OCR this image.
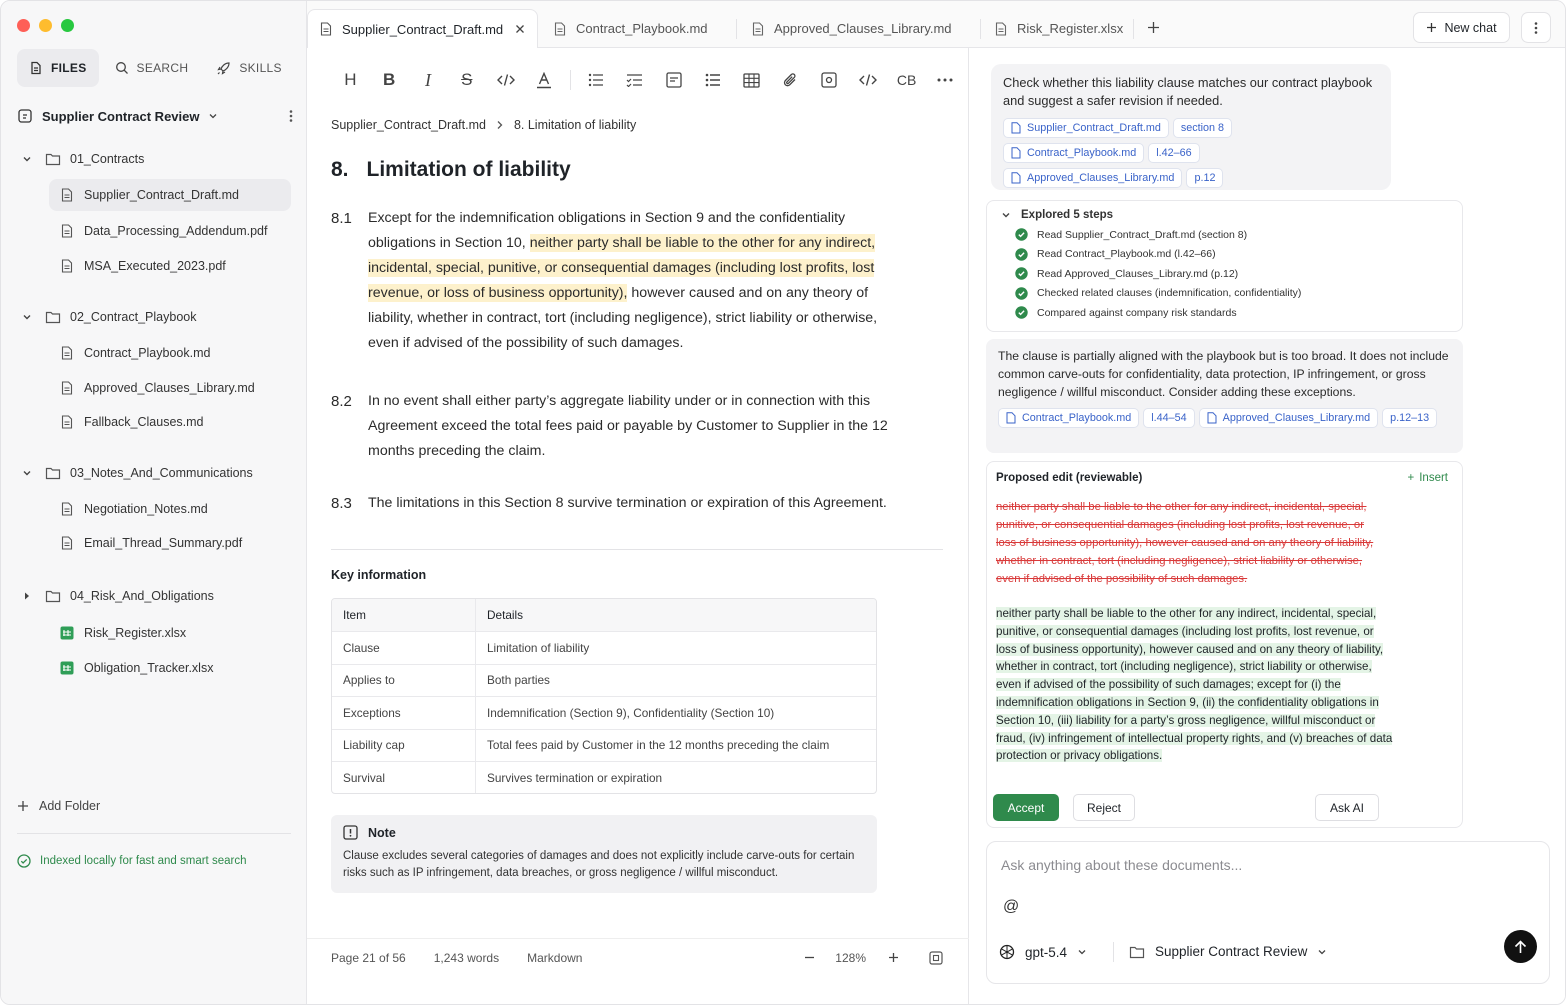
FILES	SEARCH	SKILLS
Supplier Contract Review
01_Contracts
Supplier_Contract_Draft.md
Data_Processing_Addendum.pdf
MSA_Executed_2023.pdf
02_Contract_Playbook
Contract_Playbook.md
Approved_Clauses_Library.md
Fallback_Clauses.md
03_Notes_And_Communications
Negotiation_Notes.md
Email_Thread_Summary.pdf
04_Risk_And_Obligations
Risk_Register.xlsx
Obligation_Tracker.xlsx
Add Folder
Indexed locally for fast and smart search
Supplier_Contract_Draft.md	Contract_Playbook.md	Approved_Clauses_Library.md	Risk_Register.xlsx	New chat
H B I S	CB
Supplier_Contract_Draft.md 8. Limitation of liability
8. Limitation of liability
8.1	Except for the indemnification obligations in Section 9 and the confidentiality obligations in Section 10, neither party shall be liable to the other for any indirect, incidental, special, punitive, or consequential damages (including lost profits, lost revenue, or loss of business opportunity), however caused and on any theory of liability, whether in contract, tort (including negligence), strict liability or otherwise, even if advised of the possibility of such damages.
8.2	In no event shall either party’s aggregate liability under or in connection with this Agreement exceed the total fees paid or payable by Customer to Supplier in the 12 months preceding the claim.
8.3	The limitations in this Section 8 survive termination or expiration of this Agreement.
Key information
Item	Details
Clause	Limitation of liability
Applies to	Both parties
Exceptions	Indemnification (Section 9), Confidentiality (Section 10)
Liability cap	Total fees paid by Customer in the 12 months preceding the claim
Survival	Survives termination or expiration
Note
Clause excludes several categories of damages and does not explicitly include carve-outs for certain risks such as IP infringement, data breaches, or gross negligence / willful misconduct.
Page 21 of 56 1,243 words Markdown	128%
Check whether this liability clause matches our contract playbook and suggest a safer revision if needed.
Supplier_Contract_Draft.md	section 8
Contract_Playbook.md	l.42–66
Approved_Clauses_Library.md	p.12
Explored 5 steps
Read Supplier_Contract_Draft.md (section 8)
Read Contract_Playbook.md (l.42–66)
Read Approved_Clauses_Library.md (p.12)
Checked related clauses (indemnification, confidentiality)
Compared against company risk standards
The clause is partially aligned with the playbook but is too broad. It does not include common carve-outs for confidentiality, data protection, IP infringement, or gross negligence / willful misconduct. Consider adding these exceptions.
Contract_Playbook.md	l.44–54	Approved_Clauses_Library.md	p.12–13
Proposed edit (reviewable)	+ Insert
neither party shall be liable to the other for any indirect, incidental, special, punitive, or consequential damages (including lost profits, lost revenue, or loss of business opportunity), however caused and on any theory of liability, whether in contract, tort (including negligence), strict liability or otherwise, even if advised of the possibility of such damages.
neither party shall be liable to the other for any indirect, incidental, special, punitive, or consequential damages (including lost profits, lost revenue, or loss of business opportunity), however caused and on any theory of liability, whether in contract, tort (including negligence), strict liability or otherwise, even if advised of the possibility of such damages; except for (i) the indemnification obligations in Section 9, (ii) the confidentiality obligations in Section 10, (iii) liability for a party’s gross negligence, willful misconduct or fraud, (iv) infringement of intellectual property rights, and (v) breaches of data protection or privacy obligations.
Accept	Reject	Ask AI
Ask anything about these documents...
@
gpt-5.4	Supplier Contract Review
